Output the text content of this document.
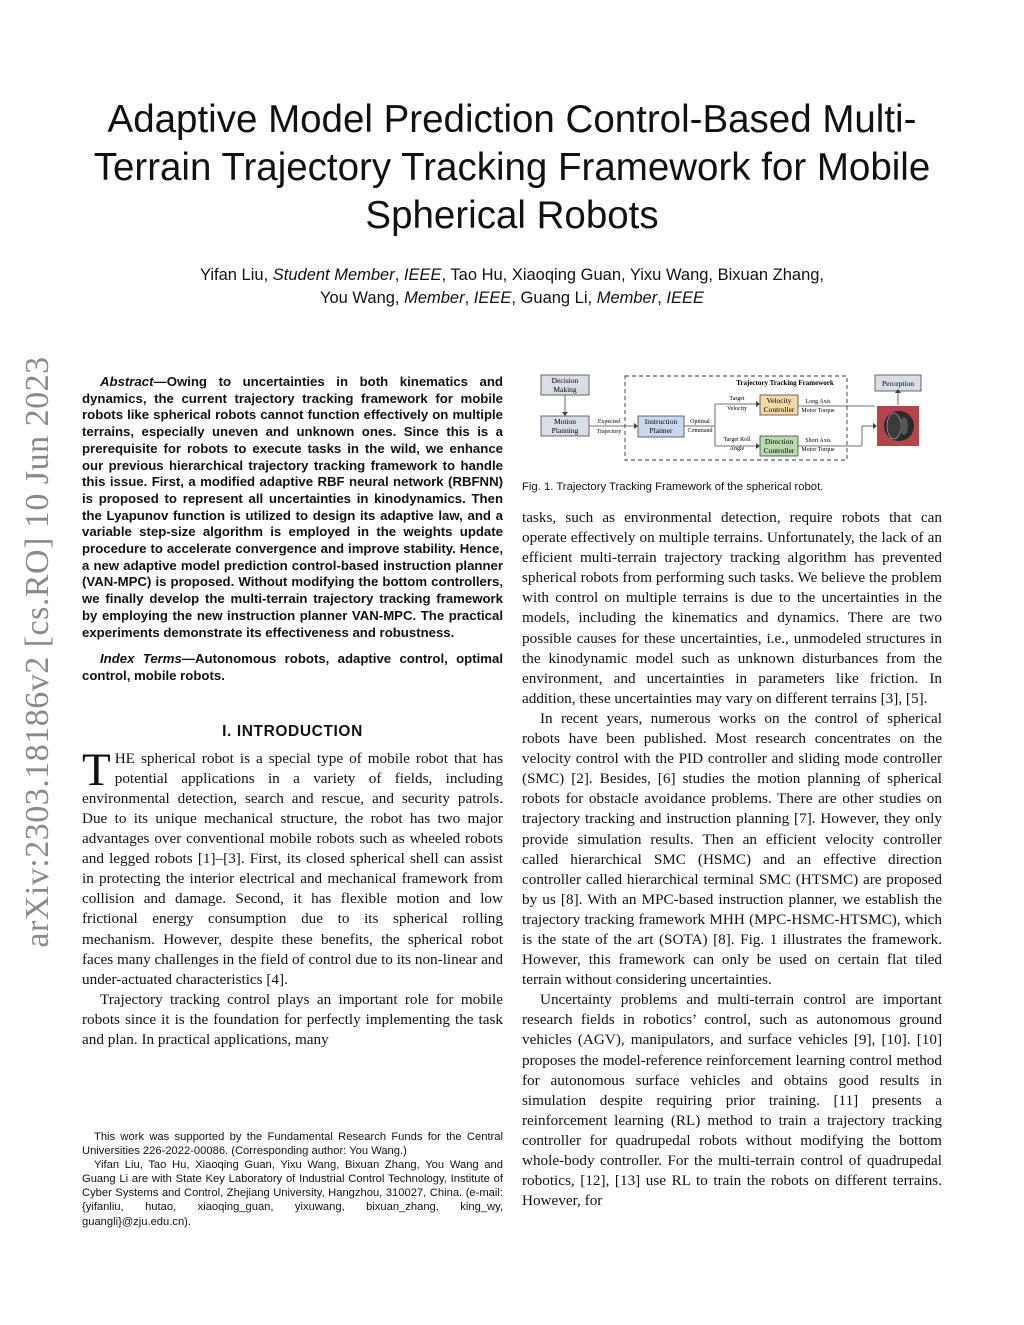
arXiv:2303.18186v2 [cs.RO] 10 Jun 2023
Adaptive Model Prediction Control-Based Multi-Terrain Trajectory Tracking Framework for Mobile Spherical Robots
Yifan Liu, Student Member, IEEE, Tao Hu, Xiaoqing Guan, Yixu Wang, Bixuan Zhang,
You Wang, Member, IEEE, Guang Li, Member, IEEE

Abstract—Owing to uncertainties in both kinematics and dynamics, the current trajectory tracking framework for mobile robots like spherical robots cannot function effectively on multiple terrains, especially uneven and unknown ones. Since this is a prerequisite for robots to execute tasks in the wild, we enhance our previous hierarchical trajectory tracking framework to handle this issue. First, a modified adaptive RBF neural network (RBFNN) is proposed to represent all uncertainties in kinodynamics. Then the Lyapunov function is utilized to design its adaptive law, and a variable step-size algorithm is employed in the weights update procedure to accelerate convergence and improve stability. Hence, a new adaptive model prediction control-based instruction planner (VAN-MPC) is proposed. Without modifying the bottom controllers, we finally develop the multi-terrain trajectory tracking framework by employing the new instruction planner VAN-MPC. The practical experiments demonstrate its effectiveness and robustness.

Index Terms—Autonomous robots, adaptive control, optimal control, mobile robots.

I. INTRODUCTION

THE spherical robot is a special type of mobile robot that has potential applications in a variety of fields, including environmental detection, search and rescue, and security patrols. Due to its unique mechanical structure, the robot has two major advantages over conventional mobile robots such as wheeled robots and legged robots [1]–[3]. First, its closed spherical shell can assist in protecting the interior electrical and mechanical framework from collision and damage. Second, it has flexible motion and low frictional energy consumption due to its spherical rolling mechanism. However, despite these benefits, the spherical robot faces many challenges in the field of control due to its non-linear and under-actuated characteristics [4].

Trajectory tracking control plays an important role for mobile robots since it is the foundation for perfectly implementing the task and plan. In practical applications, many

This work was supported by the Fundamental Research Funds for the Central Universities 226-2022-00086. (Corresponding author: You Wang.)

Yifan Liu, Tao Hu, Xiaoqing Guan, Yixu Wang, Bixuan Zhang, You Wang and Guang Li are with State Key Laboratory of Industrial Control Technology, Institute of Cyber Systems and Control, Zhejiang University, Hangzhou, 310027, China. (e-mail: {yifanliu, hutao, xiaoqing_guan, yixuwang, bixuan_zhang, king_wy, guangli}@zju.edu.cn).

Decision
Making
Motion
Planning
Expected
Trajectory
Trajectory Tracking Framework
Instruction
Planner
Optimal
Command
Target
Velocity
Target Roll
Angle
Velocity
Controller
Direction
Controller
Long Axis
Motor Torque
Short Axis
Motor Torque
Perception

Fig. 1. Trajectory Tracking Framework of the spherical robot.

tasks, such as environmental detection, require robots that can operate effectively on multiple terrains. Unfortunately, the lack of an efficient multi-terrain trajectory tracking algorithm has prevented spherical robots from performing such tasks. We believe the problem with control on multiple terrains is due to the uncertainties in the models, including the kinematics and dynamics. There are two possible causes for these uncertainties, i.e., unmodeled structures in the kinodynamic model such as unknown disturbances from the environment, and uncertainties in parameters like friction. In addition, these uncertainties may vary on different terrains [3], [5].

In recent years, numerous works on the control of spherical robots have been published. Most research concentrates on the velocity control with the PID controller and sliding mode controller (SMC) [2]. Besides, [6] studies the motion planning of spherical robots for obstacle avoidance problems. There are other studies on trajectory tracking and instruction planning [7]. However, they only provide simulation results. Then an efficient velocity controller called hierarchical SMC (HSMC) and an effective direction controller called hierarchical terminal SMC (HTSMC) are proposed by us [8]. With an MPC-based instruction planner, we establish the trajectory tracking framework MHH (MPC-HSMC-HTSMC), which is the state of the art (SOTA) [8]. Fig. 1 illustrates the framework. However, this framework can only be used on certain flat tiled terrain without considering uncertainties.

Uncertainty problems and multi-terrain control are important research fields in robotics’ control, such as autonomous ground vehicles (AGV), manipulators, and surface vehicles [9], [10]. [10] proposes the model-reference reinforcement learning control method for autonomous surface vehicles and obtains good results in simulation despite requiring prior training. [11] presents a reinforcement learning (RL) method to train a trajectory tracking controller for quadrupedal robots without modifying the bottom whole-body controller. For the multi-terrain control of quadrupedal robotics, [12], [13] use RL to train the robots on different terrains. However, for
